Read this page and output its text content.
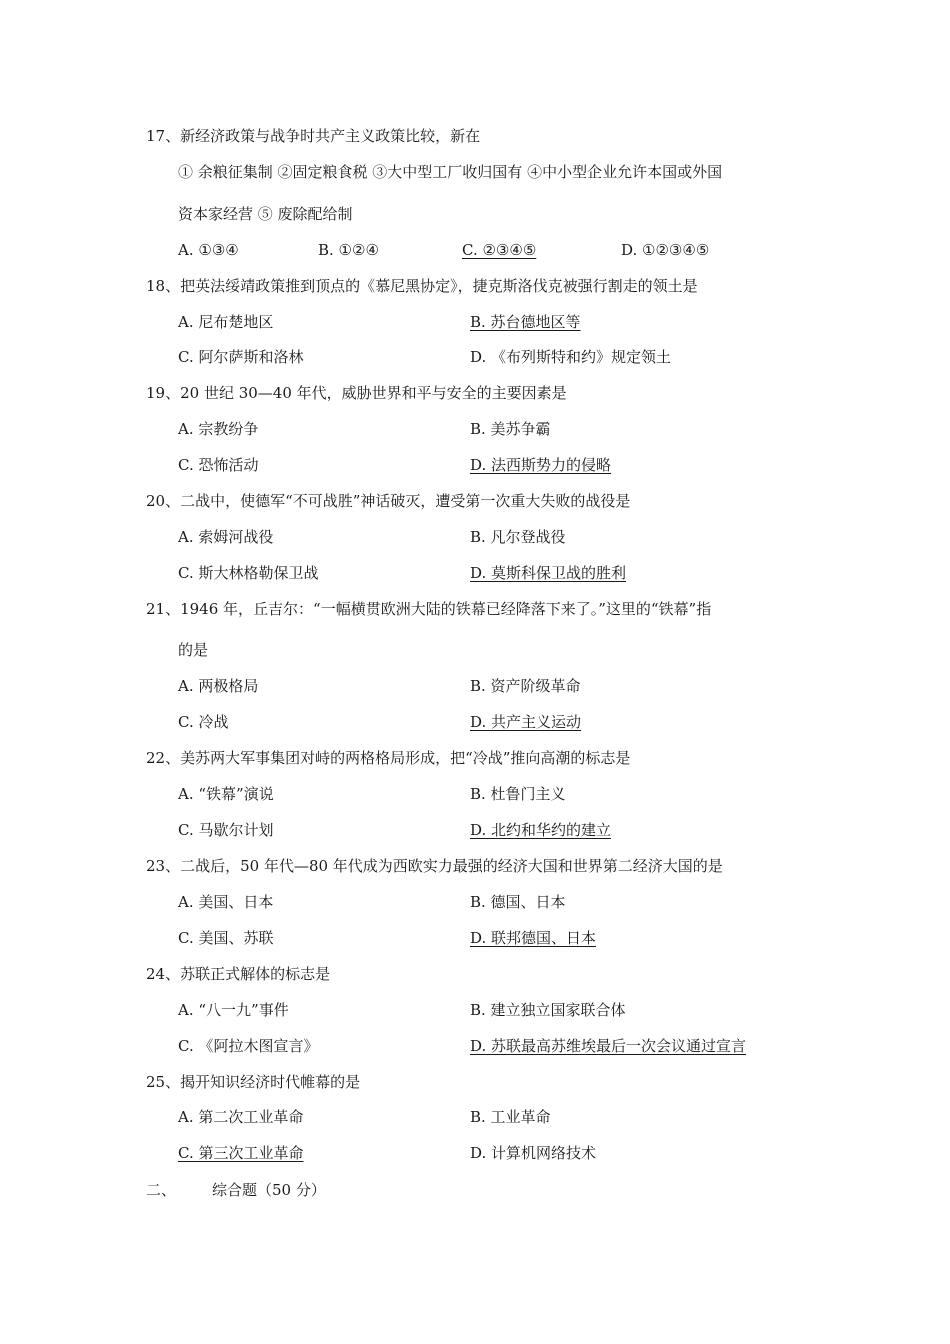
17、新经济政策与战争时共产主义政策比较，新在
① 余粮征集制 ②固定粮食税 ③大中型工厂收归国有 ④中小型企业允许本国或外国
资本家经营 ⑤ 废除配给制
A. ①③④	B. ①②④	C. ②③④⑤	D. ①②③④⑤
18、把英法绥靖政策推到顶点的《慕尼黑协定》，捷克斯洛伐克被强行割走的领土是
A. 尼布楚地区	B. 苏台德地区等
C. 阿尔萨斯和洛林	D. 《布列斯特和约》规定领土
19、20 世纪 30—40 年代，威胁世界和平与安全的主要因素是
A. 宗教纷争	B. 美苏争霸
C. 恐怖活动	D. 法西斯势力的侵略
20、二战中，使德军“不可战胜”神话破灭，遭受第一次重大失败的战役是
A. 索姆河战役	B. 凡尔登战役
C. 斯大林格勒保卫战	D. 莫斯科保卫战的胜利
21、1946 年，丘吉尔：“一幅横贯欧洲大陆的铁幕已经降落下来了。”这里的“铁幕”指
的是
A. 两极格局	B. 资产阶级革命
C. 冷战	D. 共产主义运动
22、美苏两大军事集团对峙的两格格局形成，把“冷战”推向高潮的标志是
A. “铁幕”演说	B. 杜鲁门主义
C. 马歇尔计划	D. 北约和华约的建立
23、二战后，50 年代—80 年代成为西欧实力最强的经济大国和世界第二经济大国的是
A. 美国、日本	B. 德国、日本
C. 美国、苏联	D. 联邦德国、日本
24、苏联正式解体的标志是
A. “八一九”事件	B. 建立独立国家联合体
C. 《阿拉木图宣言》	D. 苏联最高苏维埃最后一次会议通过宣言
25、揭开知识经济时代帷幕的是
A. 第二次工业革命	B. 工业革命
C. 第三次工业革命	D. 计算机网络技术
二、 综合题（50 分）
